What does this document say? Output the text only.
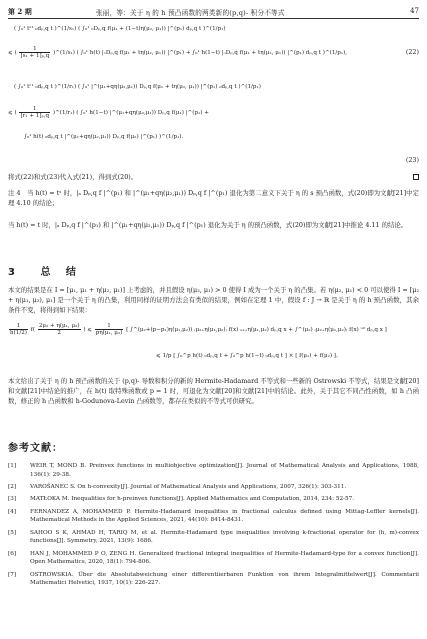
第 2 期	张丽，等：关于 η 的 h 预凸函数的两类新的(p,q)- 积分不等式	47
( ∫₀¹ tˢ¹ ₀dₚ,q t )^(1/s₁) ( ∫₀¹ ₀Dₚ,q f(μ₁ + (1−t)η(μ₂, μ₁)) |^(p₁) dₚ,q t )^(1/p₁)
⩽ ( $\frac{1}{\text{[s₁ + 1]ₚ,q}}$ )^(1/s₁) ( ∫₀¹ h(t) |ₒDₚ,q f(μ₁ + tη(μ₂, μ₁)) |^(p₁) + ∫₀¹ h(1−t) |ₒDₚ,q f(μ₁ + tη(μ₂, μ₁)) |^(p₁) dₚ,q t )^(1/p₁),	(22)
( ∫₀¹ tʳ¹ ₀dₚ,q t )^(1/r₁) ( ∫₀¹ |^(μ₁+qη(μ₂,μ₁)) Dₚ,q f(μ₁ + tη(μ₂, μ₁)) |^(p₁) ₀dₚ,q t )^(1/p₁)
⩽ ( $\frac{1}{\text{[r₁ + 1]ₚ,q}}$ )^(1/r₁) ( ∫₀¹ h(1−t) |^(μ₁+qη(μ₂,μ₁)) Dₚ,q f(μ₁) |^(p₁) +
∫₀¹ h(t) ₀dₚ,q t |^(μ₁+qη(μ₂,μ₁)) Dₚ,q f(μ₂) |^(p₁) )^(1/p₁).
(23)
将式(22)和式(23)代入式(21)，得到式(20)。
注 4　当 h(t) = tˢ 时，|ₐ Dₚ,q f |^(p₁) 和 |^(μ₁+qη(μ₂,μ₁)) Dₚ,q f |^(p₁) 退化为第二意义下关于 η 的 s 预凸函数，式(20)即为文献[21]中定理 4.10 的结论；
当 h(t) = t 时，|ₐ Dₚ,q f |^(p₁) 和 |^(μ₁+qη(μ₂,μ₁)) Dₚ,q f |^(p₁) 退化为关于 η 的预凸函数，式(20)即为文献[21]中推论 4.11 的结论。
3 总 结
本文的结果是在 I = [μ₁, μ₁ + η(μ₂, μ₁)] 上考虑的，并且假设 η(μ₂, μ₁) > 0 使得 I 成为一个关于 η 的凸集。若 η(μ₂, μ₁) < 0 可以使得 I = [μ₂ + η(μ₁, μ₂), μ₁] 是一个关于 η 的凸集，利用同样的证明方法会有类似的结果，例如在定理 1 中，假设 f : J → ℝ 是关于 η 的 h 预凸函数，其余条件不变，将得到如下结果：
$\frac{1}{h(1/2)} f( \frac{\text{2μ₂ + η(μ₁, μ₂)}}{2}$ ) ⩽ $\frac{1}{\text{pη(μ₁, μ₂)}}$ [ ∫^(μ₂+(p−p₁)η(μ₁,μ₂)) ₍μ₂₊η(μ₁,μ₂)₎ f(x) ᵤ₂₊η(μ₁,μ₂) dₚ,q x + ∫^(μ₂) ₍μ₂₊η(μ₁,μ₂)₎ f(x) ᵘ² dₚ,q x ]
⩽ 1/p [ ∫₀^p h(t) ₀dₚ,q t + ∫₀^p h(1−t) ₀dₚ,q t ] × [ f(μ₁) + f(μ₂) ]。
本文给出了关于 η 的 h 预凸函数的关于 (p,q)- 导数和积分的新的 Hermite-Hadamard 不等式和一些新的 Ostrowski 不等式，结果是文献[20]和文献[21]中结论的推广，在 h(t) 取特殊函数或 p = 1 时，可退化为文献[20]和文献[21]中的结论。此外，关于其它不同凸性函数，如 h 凸函数，修正的 h 凸函数和 h-Godunova-Levin 凸函数等，都存在类似的不等式可供研究。
参考文献：
[1] WEIR T, MOND B. Preinvex functions in multiobjective optimization[J]. Journal of Mathematical Analysis and Applications, 1988, 136(1): 29-38.
[2] VAROŠANEC S. On h-convexity[J]. Journal of Mathematical Analysis and Applications, 2007, 326(1): 303-311.
[3] MATŁOKA M. Inequalities for h-preinvex functions[J]. Applied Mathematics and Computation, 2014, 234: 52-57.
[4] FERNANDEZ A, MOHAMMED P. Hermite-Hadamard inequalities in fractional calculus defined using Mittag-Leffler kernels[J]. Mathematical Methods in the Applied Sciences, 2021, 44(10): 8414-8431.
[5] SAHOO S K, AHMAD H, TARIQ M, et al. Hermite-Hadamard type inequalities involving k-fractional operator for (h, m)-convex functions[J]. Symmetry, 2021, 13(9): 1686.
[6] HAN J, MOHAMMED P O, ZENG H. Generalized fractional integral inequalities of Hermite-Hadamard-type for a convex function[J]. Open Mathematics, 2020, 18(1): 794-806.
[7] OSTROWSKIA. Über die Absolutabweichung einer differentiierbaren Funktion von ihrem Integralmittelwert[J]. Commentarii Mathematici Helvetici, 1937, 10(1): 226-227.
